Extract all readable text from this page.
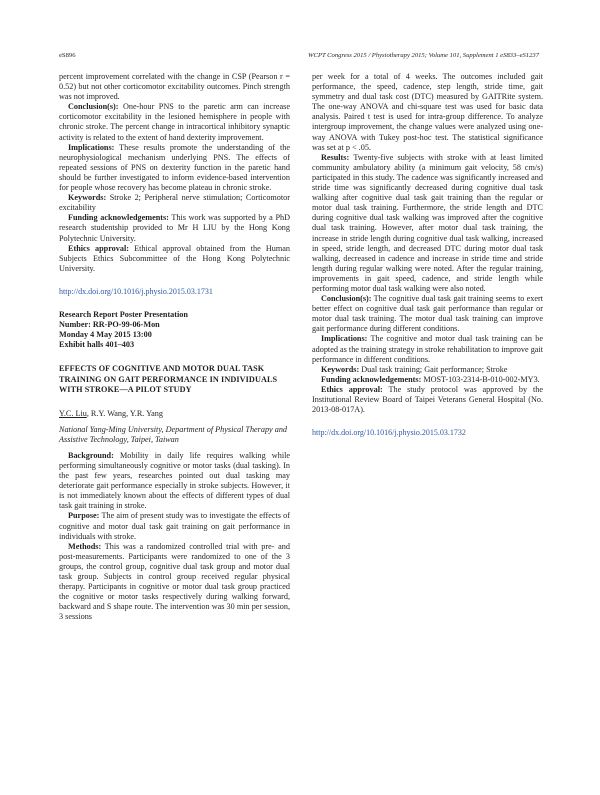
eS896	WCPT Congress 2015 / Physiotherapy 2015; Volume 101, Supplement 1 eS833–eS1237

percent improvement correlated with the change in CSP (Pearson r = 0.52) but not other corticomotor excitability outcomes. Pinch strength was not improved.

Conclusion(s): One-hour PNS to the paretic arm can increase corticomotor excitability in the lesioned hemisphere in people with chronic stroke. The percent change in intracortical inhibitory synaptic activity is related to the extent of hand dexterity improvement.

Implications: These results promote the understanding of the neurophysiological mechanism underlying PNS. The effects of repeated sessions of PNS on dexterity function in the paretic hand should be further investigated to inform evidence-based intervention for people whose recovery has become plateau in chronic stroke.

Keywords: Stroke 2; Peripheral nerve stimulation; Corticomotor excitability

Funding acknowledgements: This work was supported by a PhD research studentship provided to Mr H LIU by the Hong Kong Polytechnic University.

Ethics approval: Ethical approval obtained from the Human Subjects Ethics Subcommittee of the Hong Kong Polytechnic University.

http://dx.doi.org/10.1016/j.physio.2015.03.1731

Research Report Poster Presentation
Number: RR-PO-99-06-Mon
Monday 4 May 2015 13:00
Exhibit halls 401–403

EFFECTS OF COGNITIVE AND MOTOR DUAL TASK TRAINING ON GAIT PERFORMANCE IN INDIVIDUALS WITH STROKE—A PILOT STUDY

Y.C. Liu, R.Y. Wang, Y.R. Yang

National Yang-Ming University, Department of Physical Therapy and Assistive Technology, Taipei, Taiwan

Background: Mobility in daily life requires walking while performing simultaneously cognitive or motor tasks (dual tasking). In the past few years, researches pointed out dual tasking may deteriorate gait performance especially in stroke subjects. However, it is not immediately known about the effects of different types of dual task gait training in stroke.

Purpose: The aim of present study was to investigate the effects of cognitive and motor dual task gait training on gait performance in individuals with stroke.

Methods: This was a randomized controlled trial with pre- and post-measurements. Participants were randomized to one of the 3 groups, the control group, cognitive dual task group and motor dual task group. Subjects in control group received regular physical therapy. Participants in cognitive or motor dual task group practiced the cognitive or motor tasks respectively during walking forward, backward and S shape route. The intervention was 30 min per session, 3 sessions

per week for a total of 4 weeks. The outcomes included gait performance, the speed, cadence, step length, stride time, gait symmetry and dual task cost (DTC) measured by GAITRite system. The one-way ANOVA and chi-square test was used for basic data analysis. Paired t test is used for intra-group difference. To analyze intergroup improvement, the change values were analyzed using one-way ANOVA with Tukey post-hoc test. The statistical significance was set at p < .05.

Results: Twenty-five subjects with stroke with at least limited community ambulatory ability (a minimum gait velocity, 58 cm/s) participated in this study. The cadence was significantly increased and stride time was significantly decreased during cognitive dual task walking after cognitive dual task gait training than the regular or motor dual task training. Furthermore, the stride length and DTC during cognitive dual task walking was improved after the cognitive dual task training. However, after motor dual task training, the increase in stride length during cognitive dual task walking, increased in speed, stride length, and decreased DTC during motor dual task walking, decreased in cadence and increase in stride time and stride length during regular walking were noted. After the regular training, improvements in gait speed, cadence, and stride length while performing motor dual task walking were also noted.

Conclusion(s): The cognitive dual task gait training seems to exert better effect on cognitive dual task gait performance than regular or motor dual task training. The motor dual task training can improve gait performance during different conditions.

Implications: The cognitive and motor dual task training can be adopted as the training strategy in stroke rehabilitation to improve gait performance in different conditions.

Keywords: Dual task training; Gait performance; Stroke

Funding acknowledgements: MOST-103-2314-B-010-002-MY3.

Ethics approval: The study protocol was approved by the Institutional Review Board of Taipei Veterans General Hospital (No. 2013-08-017A).

http://dx.doi.org/10.1016/j.physio.2015.03.1732
